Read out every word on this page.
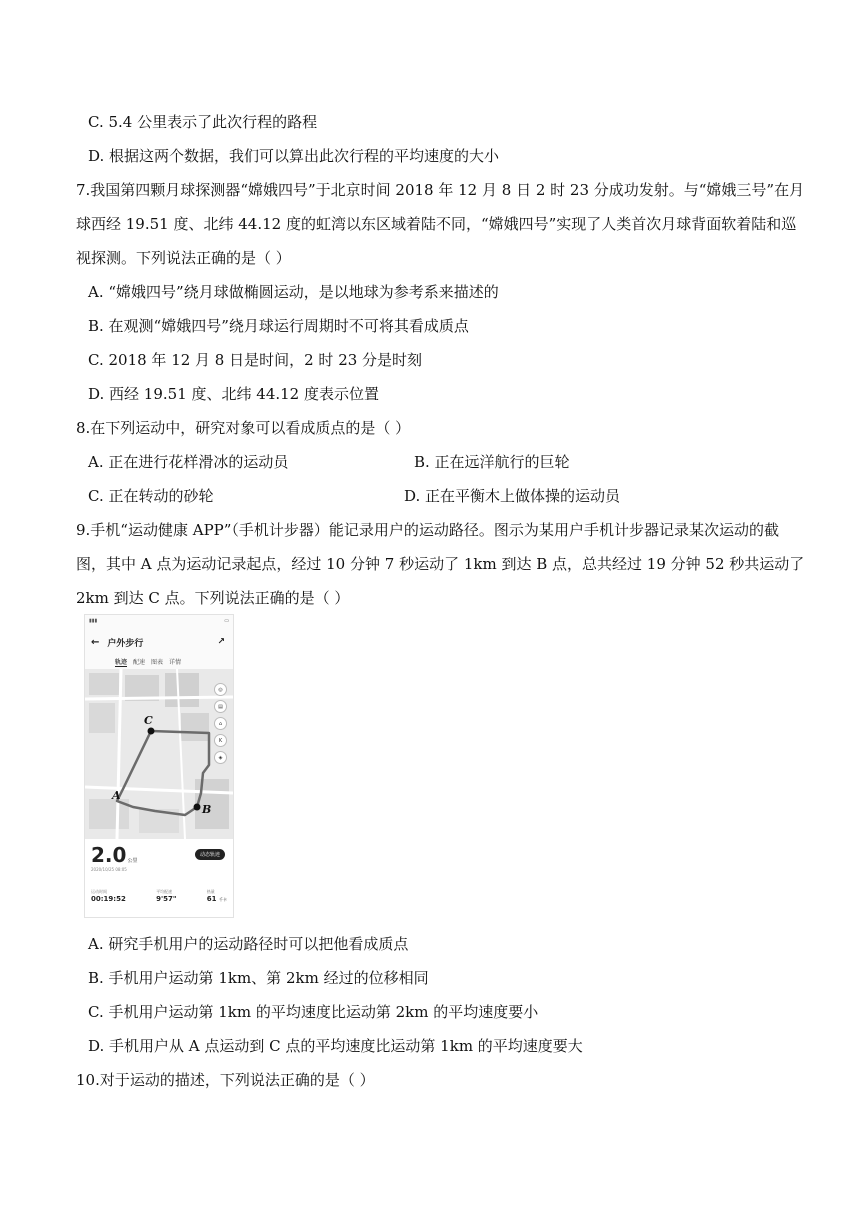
C. 5.4 公里表示了此次行程的路程
D. 根据这两个数据，我们可以算出此次行程的平均速度的大小
7.我国第四颗月球探测器“嫦娥四号”于北京时间 2018 年 12 月 8 日 2 时 23 分成功发射。与“嫦娥三号”在月
球西经 19.51 度、北纬 44.12 度的虹湾以东区域着陆不同，“嫦娥四号”实现了人类首次月球背面软着陆和巡
视探测。下列说法正确的是（ ）
A. “嫦娥四号”绕月球做椭圆运动，是以地球为参考系来描述的
B. 在观测“嫦娥四号”绕月球运行周期时不可将其看成质点
C. 2018 年 12 月 8 日是时间，2 时 23 分是时刻
D. 西经 19.51 度、北纬 44.12 度表示位置
8.在下列运动中，研究对象可以看成质点的是（ ）
A. 正在进行花样滑冰的运动员	B. 正在远洋航行的巨轮
C. 正在转动的砂轮	D. 正在平衡木上做体操的运动员
9.手机“运动健康 APP”（手机计步器）能记录用户的运动路径。图示为某用户手机计步器记录某次运动的截
图，其中 A 点为运动记录起点，经过 10 分钟 7 秒运动了 1km 到达 B 点，总共经过 19 分钟 52 秒共运动了
2km 到达 C 点。下列说法正确的是（ ）
▮▮▮	▭
← 户外步行	↗
轨迹 配速 图表 详情
C
B
A
◎
▤
⌂
K
◈
2.0公里
2020/10/25 08:05
动态轨迹
运动时间
00:19:52
平均配速
9'57"
热量
61 千卡
A. 研究手机用户的运动路径时可以把他看成质点
B. 手机用户运动第 1km、第 2km 经过的位移相同
C. 手机用户运动第 1km 的平均速度比运动第 2km 的平均速度要小
D. 手机用户从 A 点运动到 C 点的平均速度比运动第 1km 的平均速度要大
10.对于运动的描述，下列说法正确的是（ ）
